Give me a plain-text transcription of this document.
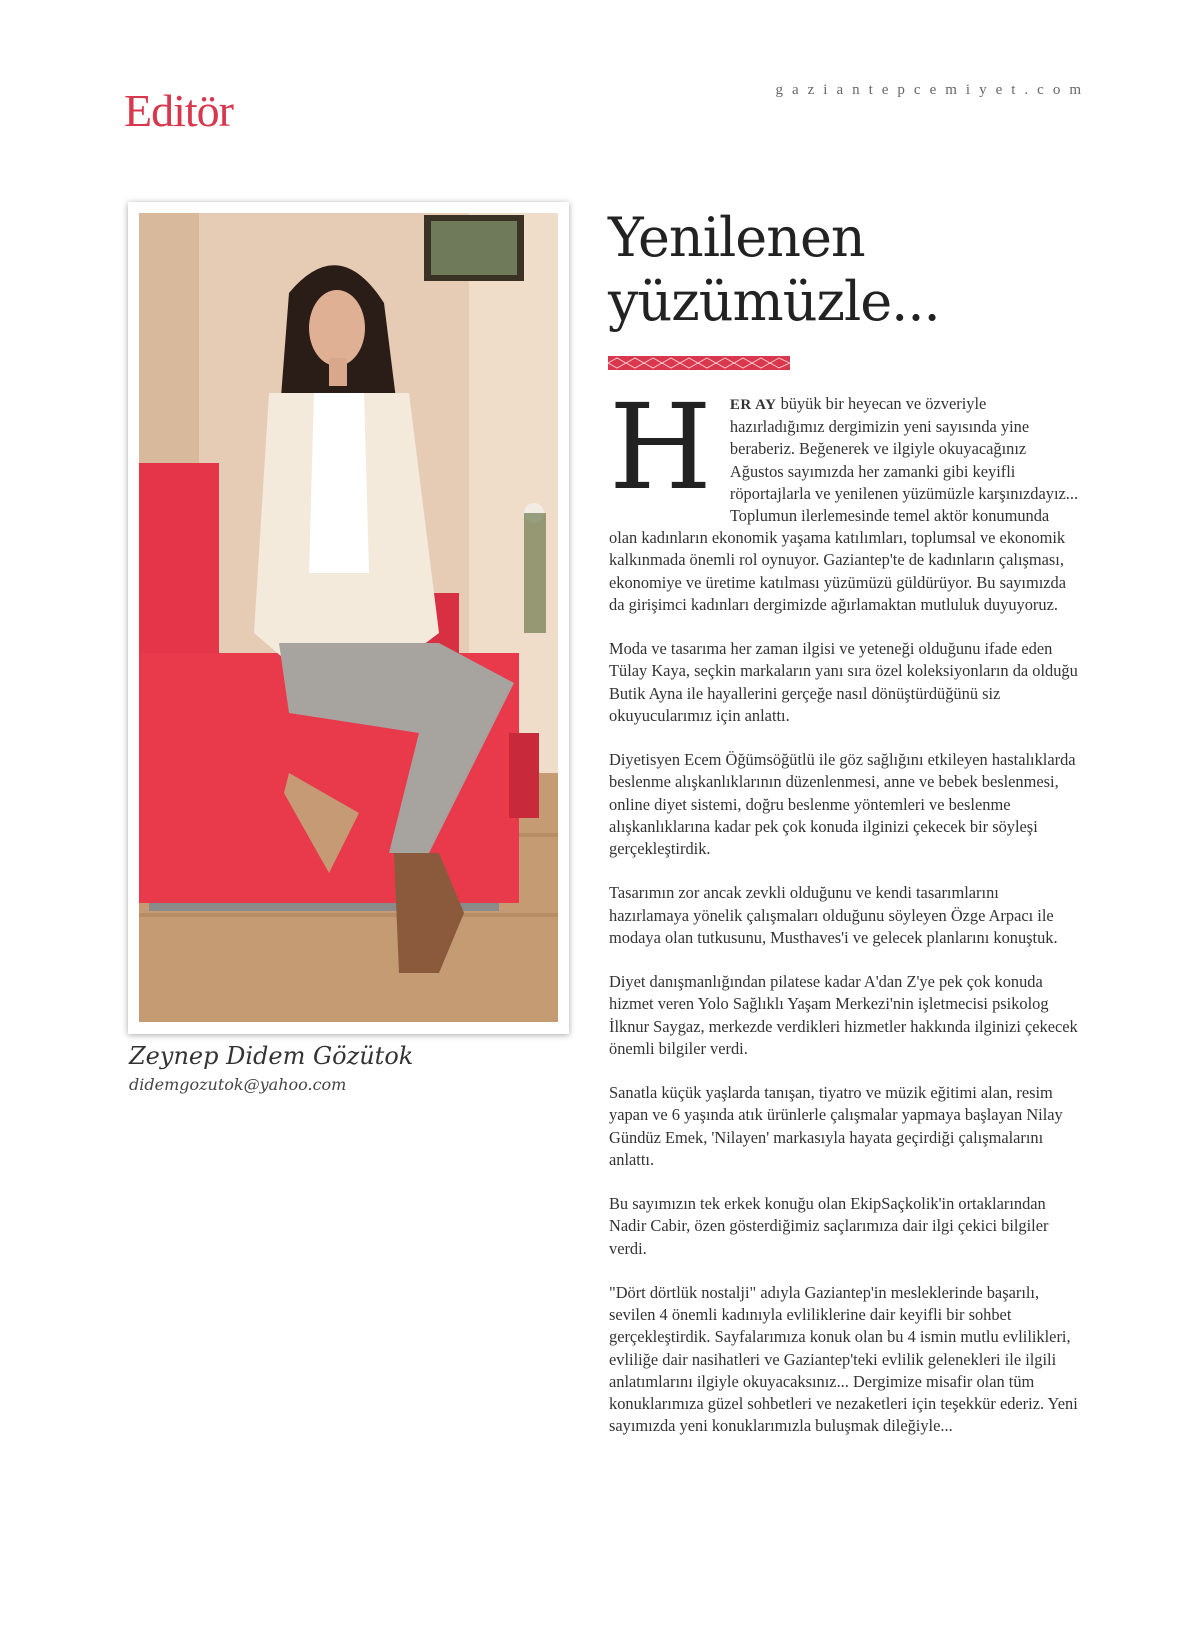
Editör	gaziantepcemiyet.com
Zeynep Didem Gözütok
didemgozutok@yahoo.com
Yenilenen
yüzümüzle...

H ER AY büyük bir heyecan ve özveriyle hazırladığımız dergimizin yeni sayısında yine beraberiz. Beğenerek ve ilgiyle okuyacağınız Ağustos sayımızda her zamanki gibi keyifli röportajlarla ve yenilenen yüzümüzle karşınızdayız... Toplumun ilerlemesinde temel aktör konumunda olan kadınların ekonomik yaşama katılımları, toplumsal ve ekonomik kalkınmada önemli rol oynuyor. Gaziantep'te de kadınların çalışması, ekonomiye ve üretime katılması yüzümüzü güldürüyor. Bu sayımızda da girişimci kadınları dergimizde ağırlamaktan mutluluk duyuyoruz.

Moda ve tasarıma her zaman ilgisi ve yeteneği olduğunu ifade eden Tülay Kaya, seçkin markaların yanı sıra özel koleksiyonların da olduğu Butik Ayna ile hayallerini gerçeğe nasıl dönüştürdüğünü siz okuyucularımız için anlattı.

Diyetisyen Ecem Öğümsöğütlü ile göz sağlığını etkileyen hastalıklarda beslenme alışkanlıklarının düzenlenmesi, anne ve bebek beslenmesi, online diyet sistemi, doğru beslenme yöntemleri ve beslenme alışkanlıklarına kadar pek çok konuda ilginizi çekecek bir söyleşi gerçekleştirdik.

Tasarımın zor ancak zevkli olduğunu ve kendi tasarımlarını hazırlamaya yönelik çalışmaları olduğunu söyleyen Özge Arpacı ile modaya olan tutkusunu, Musthaves'i ve gelecek planlarını konuştuk.

Diyet danışmanlığından pilatese kadar A'dan Z'ye pek çok konuda hizmet veren Yolo Sağlıklı Yaşam Merkezi'nin işletmecisi psikolog İlknur Saygaz, merkezde verdikleri hizmetler hakkında ilginizi çekecek önemli bilgiler verdi.

Sanatla küçük yaşlarda tanışan, tiyatro ve müzik eğitimi alan, resim yapan ve 6 yaşında atık ürünlerle çalışmalar yapmaya başlayan Nilay Gündüz Emek, 'Nilayen' markasıyla hayata geçirdiği çalışmalarını anlattı.

Bu sayımızın tek erkek konuğu olan EkipSaçkolik'in ortaklarından Nadir Cabir, özen gösterdiğimiz saçlarımıza dair ilgi çekici bilgiler verdi.

"Dört dörtlük nostalji" adıyla Gaziantep'in mesleklerinde başarılı, sevilen 4 önemli kadınıyla evliliklerine dair keyifli bir sohbet gerçekleştirdik. Sayfalarımıza konuk olan bu 4 ismin mutlu evlilikleri, evliliğe dair nasihatleri ve Gaziantep'teki evlilik gelenekleri ile ilgili anlatımlarını ilgiyle okuyacaksınız... Dergimize misafir olan tüm konuklarımıza güzel sohbetleri ve nezaketleri için teşekkür ederiz. Yeni sayımızda yeni konuklarımızla buluşmak dileğiyle...
